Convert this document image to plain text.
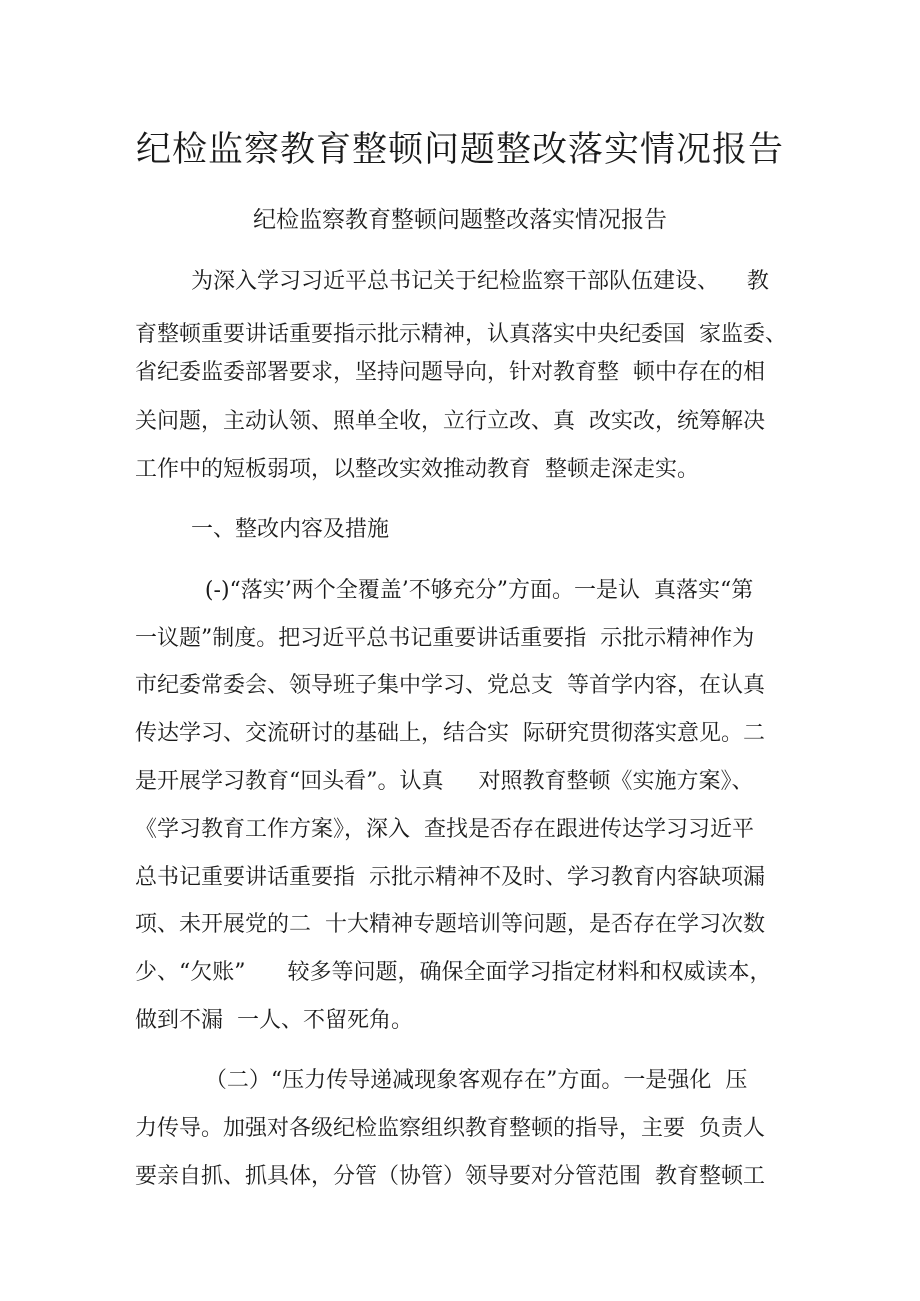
纪检监察教育整顿问题整改落实情况报告
纪检监察教育整顿问题整改落实情况报告
为深入学习习近平总书记关于纪检监察干部队伍建设、    教
育整顿重要讲话重要指示批示精神，认真落实中央纪委国  家监委、
省纪委监委部署要求，坚持问题导向，针对教育整  顿中存在的相
关问题，主动认领、照单全收，立行立改、真  改实改，统筹解决
工作中的短板弱项，以整改实效推动教育  整顿走深走实。
一、整改内容及措施
(-)“落实’两个全覆盖’不够充分”方面。一是认  真落实“第
一议题”制度。把习近平总书记重要讲话重要指  示批示精神作为
市纪委常委会、领导班子集中学习、党总支  等首学内容，在认真
传达学习、交流研讨的基础上，结合实  际研究贯彻落实意见。二
是开展学习教育“回头看”。认真     对照教育整顿《实施方案》、
《学习教育工作方案》，深入  查找是否存在跟进传达学习习近平
总书记重要讲话重要指  示批示精神不及时、学习教育内容缺项漏
项、未开展党的二  十大精神专题培训等问题，是否存在学习次数
少、“欠账”      较多等问题，确保全面学习指定材料和权威读本，
做到不漏  一人、不留死角。
（二）“压力传导递减现象客观存在”方面。一是强化  压
力传导。加强对各级纪检监察组织教育整顿的指导，主要  负责人
要亲自抓、抓具体，分管（协管）领导要对分管范围  教育整顿工
